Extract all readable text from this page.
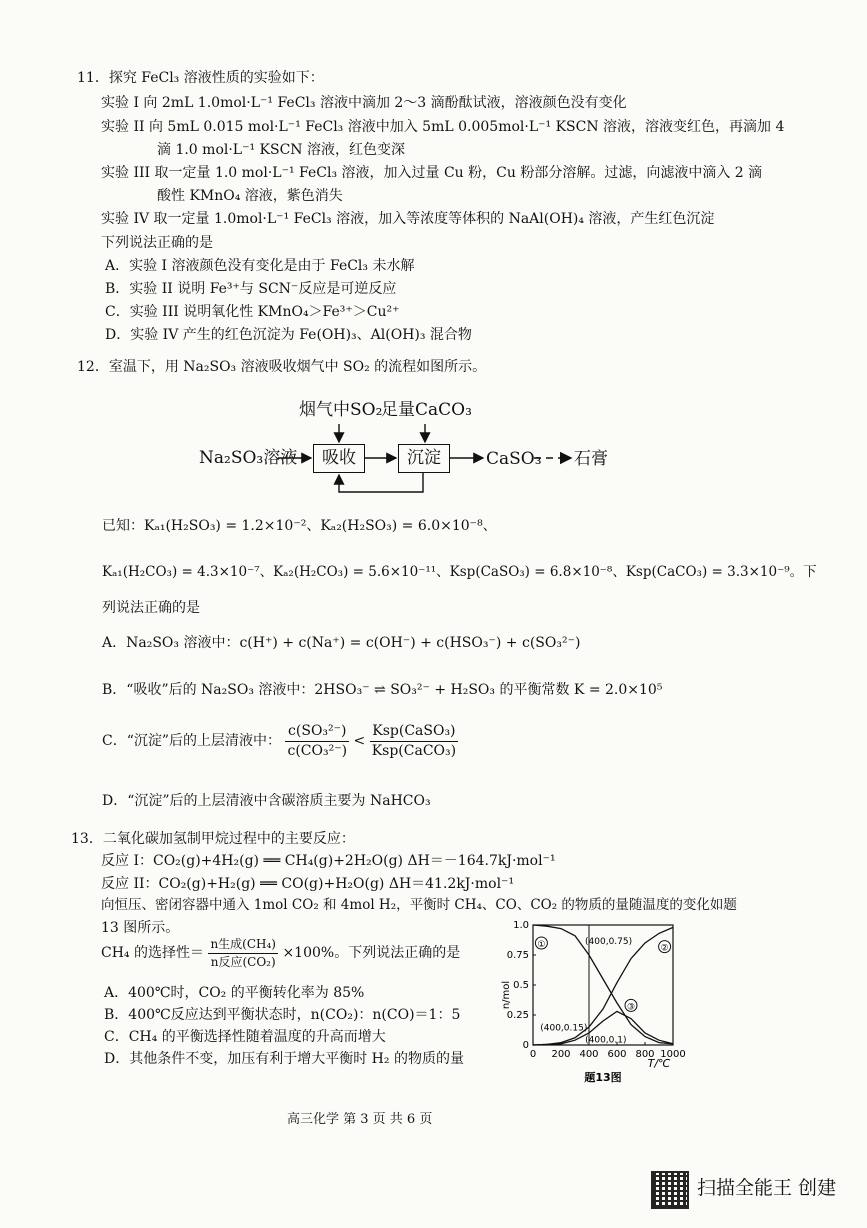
11．探究 FeCl₃ 溶液性质的实验如下：
实验 I 向 2mL 1.0mol·L⁻¹ FeCl₃ 溶液中滴加 2～3 滴酚酞试液，溶液颜色没有变化
实验 II 向 5mL 0.015 mol·L⁻¹ FeCl₃ 溶液中加入 5mL 0.005mol·L⁻¹ KSCN 溶液，溶液变红色，再滴加 4
滴 1.0 mol·L⁻¹ KSCN 溶液，红色变深
实验 III 取一定量 1.0 mol·L⁻¹ FeCl₃ 溶液，加入过量 Cu 粉，Cu 粉部分溶解。过滤，向滤液中滴入 2 滴
酸性 KMnO₄ 溶液，紫色消失
实验 IV 取一定量 1.0mol·L⁻¹ FeCl₃ 溶液，加入等浓度等体积的 NaAl(OH)₄ 溶液，产生红色沉淀
下列说法正确的是
A．实验 I 溶液颜色没有变化是由于 FeCl₃ 未水解
B．实验 II 说明 Fe³⁺与 SCN⁻反应是可逆反应
C．实验 III 说明氧化性 KMnO₄＞Fe³⁺＞Cu²⁺
D．实验 IV 产生的红色沉淀为 Fe(OH)₃、Al(OH)₃ 混合物
12．室温下，用 Na₂SO₃ 溶液吸收烟气中 SO₂ 的流程如图所示。
烟气中SO₂
足量CaCO₃
Na₂SO₃溶液	吸收	沉淀	CaSO₃ 石膏
已知：Kₐ₁(H₂SO₃) = 1.2×10⁻²、Kₐ₂(H₂SO₃) = 6.0×10⁻⁸、
Kₐ₁(H₂CO₃) = 4.3×10⁻⁷、Kₐ₂(H₂CO₃) = 5.6×10⁻¹¹、Ksp(CaSO₃) = 6.8×10⁻⁸、Ksp(CaCO₃) = 3.3×10⁻⁹。下
列说法正确的是
A．Na₂SO₃ 溶液中：c(H⁺) + c(Na⁺) = c(OH⁻) + c(HSO₃⁻) + c(SO₃²⁻)
B．“吸收”后的 Na₂SO₃ 溶液中：2HSO₃⁻ ⇌ SO₃²⁻ + H₂SO₃ 的平衡常数 K = 2.0×10⁵
C．“沉淀”后的上层清液中： $\frac{\text{c(SO₃²⁻)}}{\text{c(CO₃²⁻)}} < \frac{\text{Ksp(CaSO₃)}}{\text{Ksp(CaCO₃)}}$
D．“沉淀”后的上层清液中含碳溶质主要为 NaHCO₃
13．二氧化碳加氢制甲烷过程中的主要反应：
反应 I：CO₂(g)+4H₂(g) ══ CH₄(g)+2H₂O(g) ΔH＝－164.7kJ·mol⁻¹
反应 II：CO₂(g)+H₂(g) ══ CO(g)+H₂O(g) ΔH＝41.2kJ·mol⁻¹
向恒压、密闭容器中通入 1mol CO₂ 和 4mol H₂，平衡时 CH₄、CO、CO₂ 的物质的量随温度的变化如题
13 图所示。
CH₄ 的选择性＝ $\frac{\text{n生成(CH₄)}}{\text{n反应(CO₂)}} \times 100\%$。下列说法正确的是
A．400℃时，CO₂ 的平衡转化率为 85%
B．400℃反应达到平衡状态时，n(CO₂)：n(CO)＝1：5
C．CH₄ 的平衡选择性随着温度的升高而增大
D．其他条件不变，加压有利于增大平衡时 H₂ 的物质的量	0 200 400 600 800 1000
0
0.25
0.5
0.75
1.0
n/mol
T/℃
题13图
①	②
③
(400,0.75)
(400,0.15)
(400,0.1)
高三化学 第 3 页 共 6 页
扫描全能王 创建
